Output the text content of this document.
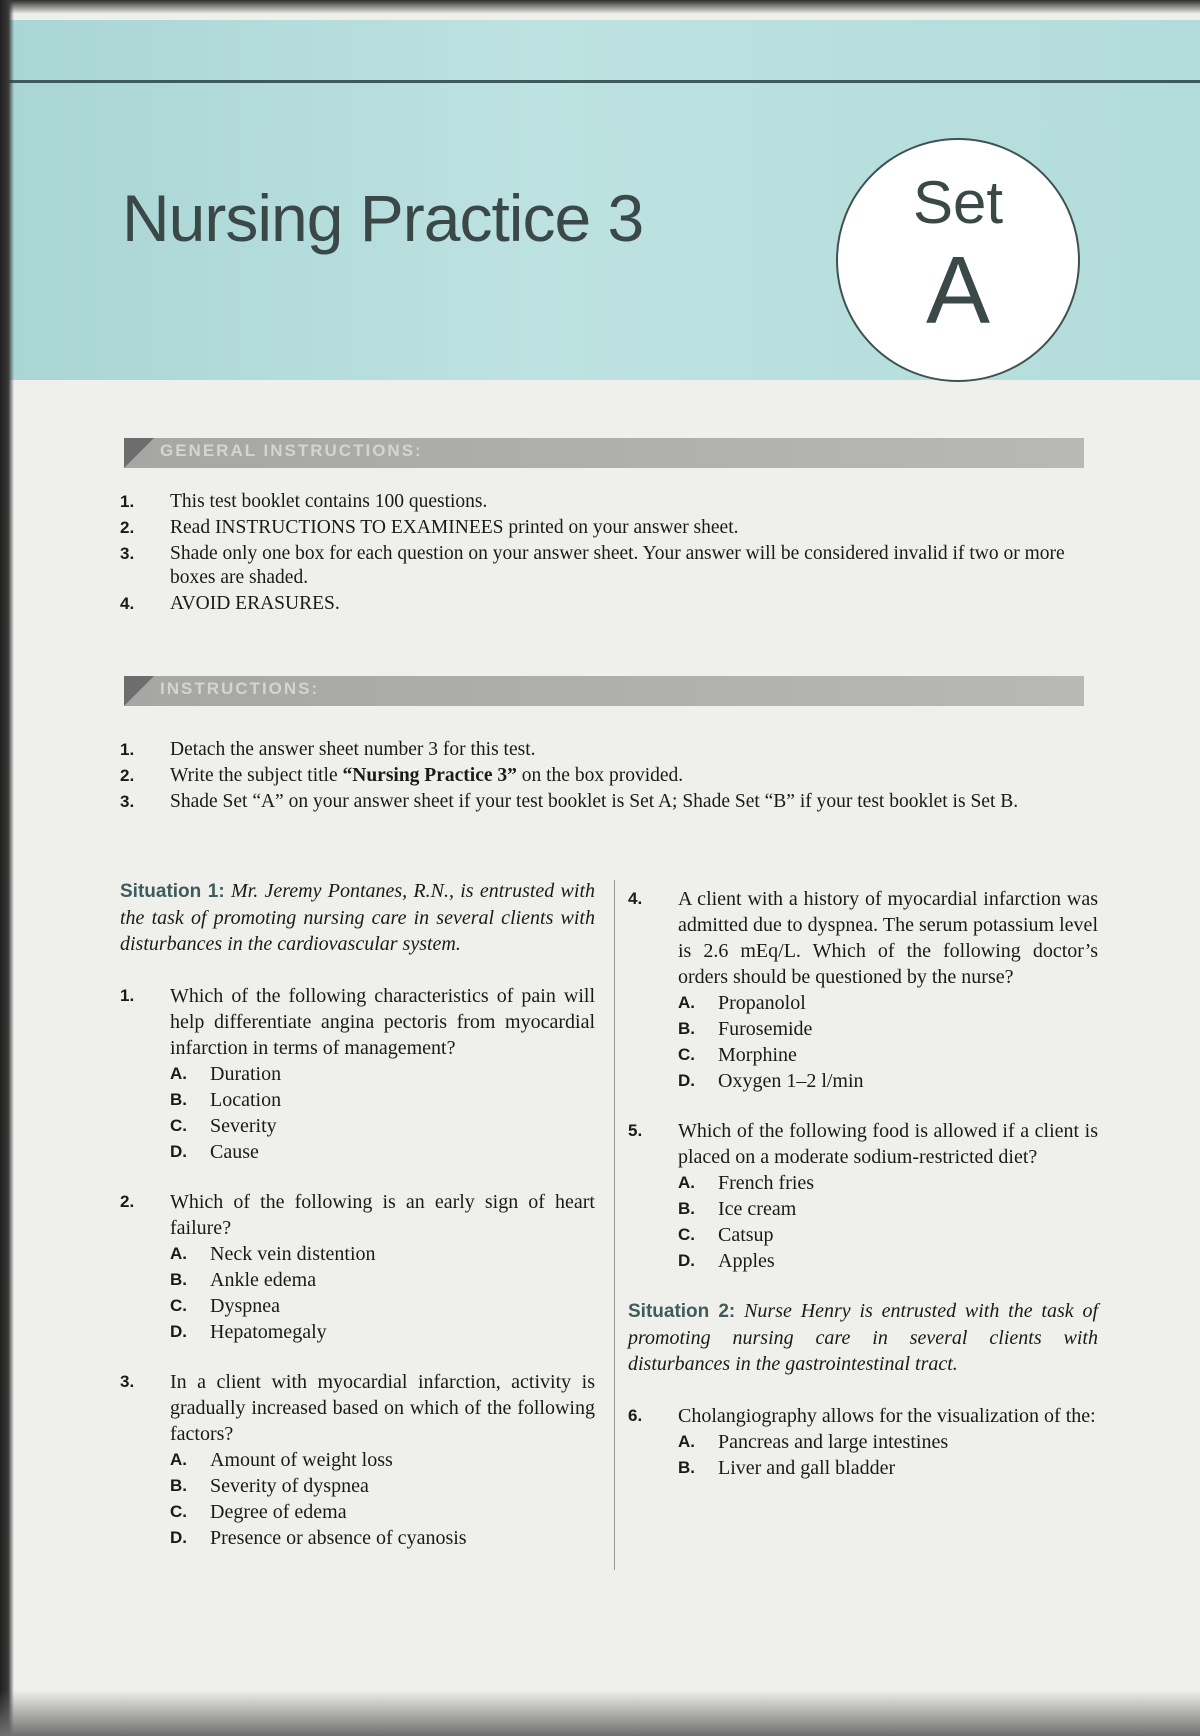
Nursing Practice 3	Set
A
GENERAL INSTRUCTIONS:
1. This test booklet contains 100 questions.
2. Read INSTRUCTIONS TO EXAMINEES printed on your answer sheet.
3. Shade only one box for each question on your answer sheet. Your answer will be considered invalid if two or more boxes are shaded.
4. AVOID ERASURES.
INSTRUCTIONS:
1. Detach the answer sheet number 3 for this test.
2. Write the subject title “Nursing Practice 3” on the box provided.
3. Shade Set “A” on your answer sheet if your test booklet is Set A; Shade Set “B” if your test booklet is Set B.
Situation 1: Mr. Jeremy Pontanes, R.N., is entrusted with the task of promoting nursing care in several clients with disturbances in the cardiovascular system.
1. Which of the following characteristics of pain will help differentiate angina pectoris from myocardial infarction in terms of management?
A. Duration
B. Location
C. Severity
D. Cause
2. Which of the following is an early sign of heart failure?
A. Neck vein distention
B. Ankle edema
C. Dyspnea
D. Hepatomegaly
3. In a client with myocardial infarction, activity is gradually increased based on which of the following factors?
A. Amount of weight loss
B. Severity of dyspnea
C. Degree of edema
D. Presence or absence of cyanosis
4. A client with a history of myocardial infarction was admitted due to dyspnea. The serum potassium level is 2.6 mEq/L. Which of the following doctor’s orders should be questioned by the nurse?
A. Propanolol
B. Furosemide
C. Morphine
D. Oxygen 1–2 l/min
5. Which of the following food is allowed if a client is placed on a moderate sodium-restricted diet?
A. French fries
B. Ice cream
C. Catsup
D. Apples
Situation 2: Nurse Henry is entrusted with the task of promoting nursing care in several clients with disturbances in the gastrointestinal tract.
6. Cholangiography allows for the visualization of the:
A. Pancreas and large intestines
B. Liver and gall bladder
